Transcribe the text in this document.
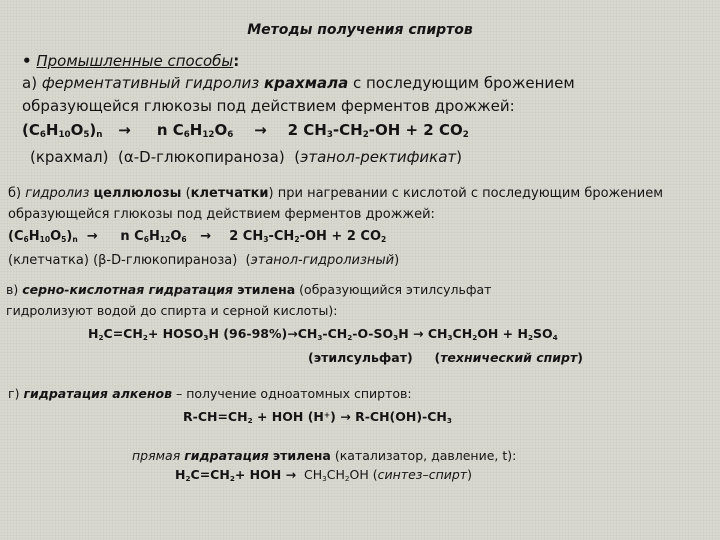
Методы получения спиртов
• Промышленные способы:
а) ферментативный гидролиз крахмала с последующим брожением
образующейся глюкозы под действием ферментов дрожжей:
$(C_6H_{10}O_5)_n \to n$ $C_6H_{12}O_6 \to 2$ $CH_3-CH_2-OH + 2$ $CO_2$
(крахмал) (α-D-глюкопираноза) (этанол-ректификат)
б) гидролиз целлюлозы (клетчатки) при нагревании с кислотой с последующим брожением
образующейся глюкозы под действием ферментов дрожжей:
$(C_6H_{10}O_5)_n \to n$ $C_6H_{12}O_6 \to 2$ $CH_3-CH_2-OH + 2$ $CO_2$
(клетчатка) (β-D-глюкопираноза) (этанол-гидролизный)
в) серно-кислотная гидратация этилена (образующийся этилсульфат
гидролизуют водой до спирта и серной кислоты):
$H_2C=CH_2+$ $HOSO_3H$ $(96-98\%)\to CH_3-CH_2-O-SO_3H \to CH_3CH_2OH + H_2SO_4$
(этилсульфат) (технический спирт)
г) гидратация алкенов – получение одноатомных спиртов:
$R-CH=CH_2$ + HOH $(H^+) \to R-CH(OH)-CH_3$
прямая гидратация этилена (катализатор, давление, t):
$H_2C=CH_2+$ HOH →  $CH_3CH_2OH$ (синтез–спирт)
